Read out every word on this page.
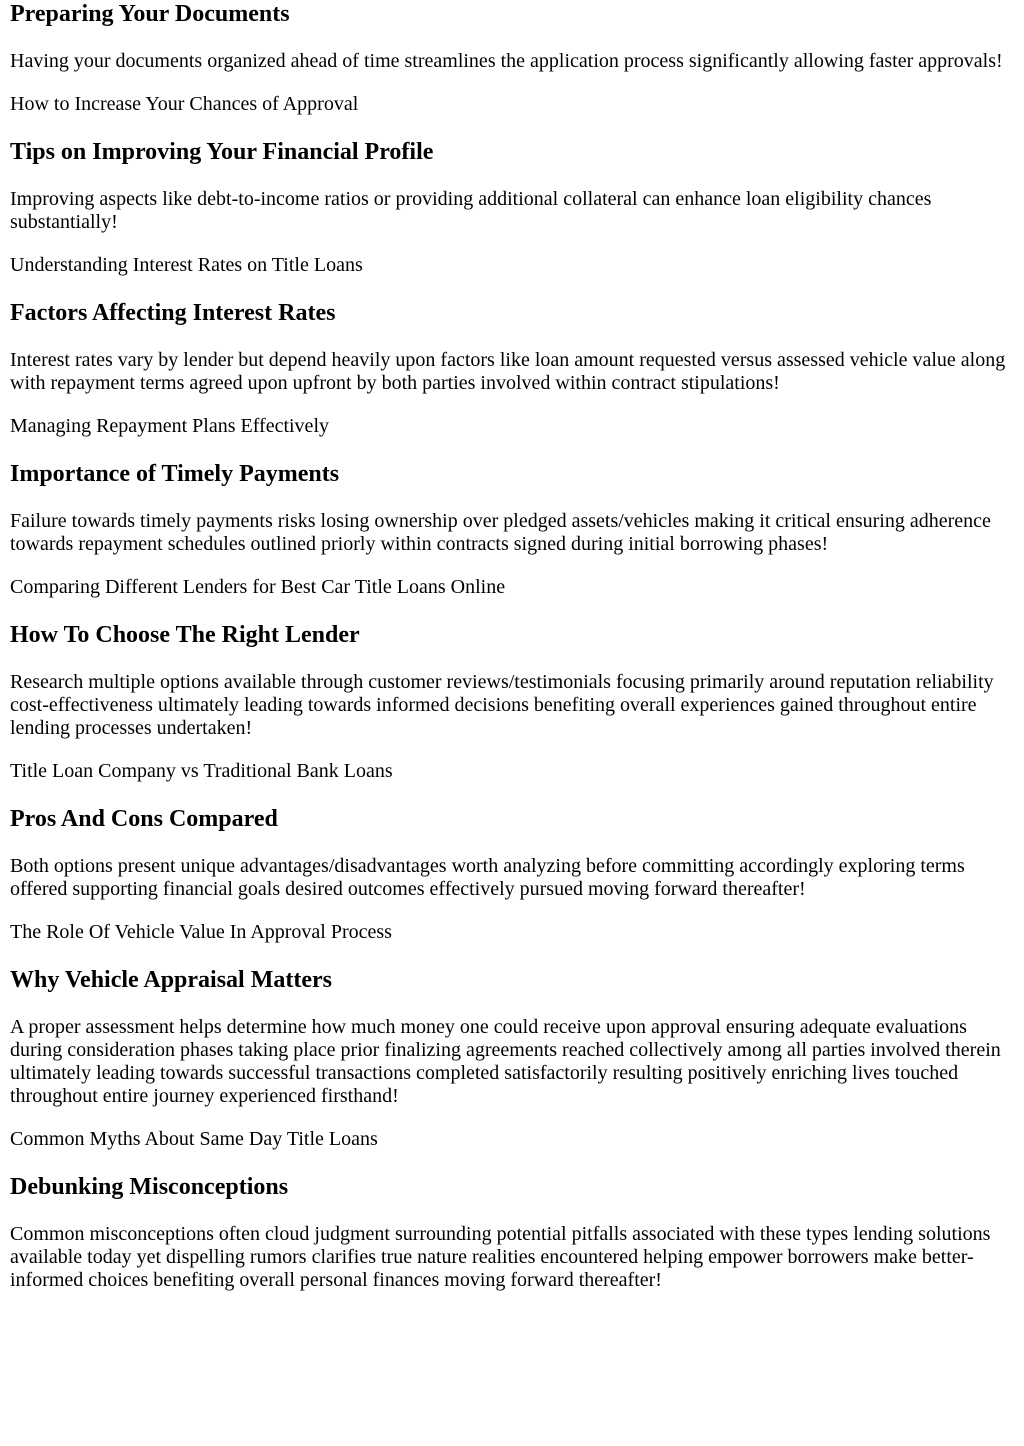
Preparing Your Documents

Having your documents organized ahead of time streamlines the application process significantly allowing faster approvals!

How to Increase Your Chances of Approval

Tips on Improving Your Financial Profile

Improving aspects like debt-to-income ratios or providing additional collateral can enhance loan eligibility chances substantially!

Understanding Interest Rates on Title Loans

Factors Affecting Interest Rates

Interest rates vary by lender but depend heavily upon factors like loan amount requested versus assessed vehicle value along with repayment terms agreed upon upfront by both parties involved within contract stipulations!

Managing Repayment Plans Effectively

Importance of Timely Payments

Failure towards timely payments risks losing ownership over pledged assets/vehicles making it critical ensuring adherence towards repayment schedules outlined priorly within contracts signed during initial borrowing phases!

Comparing Different Lenders for Best Car Title Loans Online

How To Choose The Right Lender

Research multiple options available through customer reviews/testimonials focusing primarily around reputation reliability cost-effectiveness ultimately leading towards informed decisions benefiting overall experiences gained throughout entire lending processes undertaken!

Title Loan Company vs Traditional Bank Loans

Pros And Cons Compared

Both options present unique advantages/disadvantages worth analyzing before committing accordingly exploring terms offered supporting financial goals desired outcomes effectively pursued moving forward thereafter!

The Role Of Vehicle Value In Approval Process

Why Vehicle Appraisal Matters

A proper assessment helps determine how much money one could receive upon approval ensuring adequate evaluations during consideration phases taking place prior finalizing agreements reached collectively among all parties involved therein ultimately leading towards successful transactions completed satisfactorily resulting positively enriching lives touched throughout entire journey experienced firsthand!

Common Myths About Same Day Title Loans

Debunking Misconceptions

Common misconceptions often cloud judgment surrounding potential pitfalls associated with these types lending solutions available today yet dispelling rumors clarifies true nature realities encountered helping empower borrowers make better-informed choices benefiting overall personal finances moving forward thereafter!
